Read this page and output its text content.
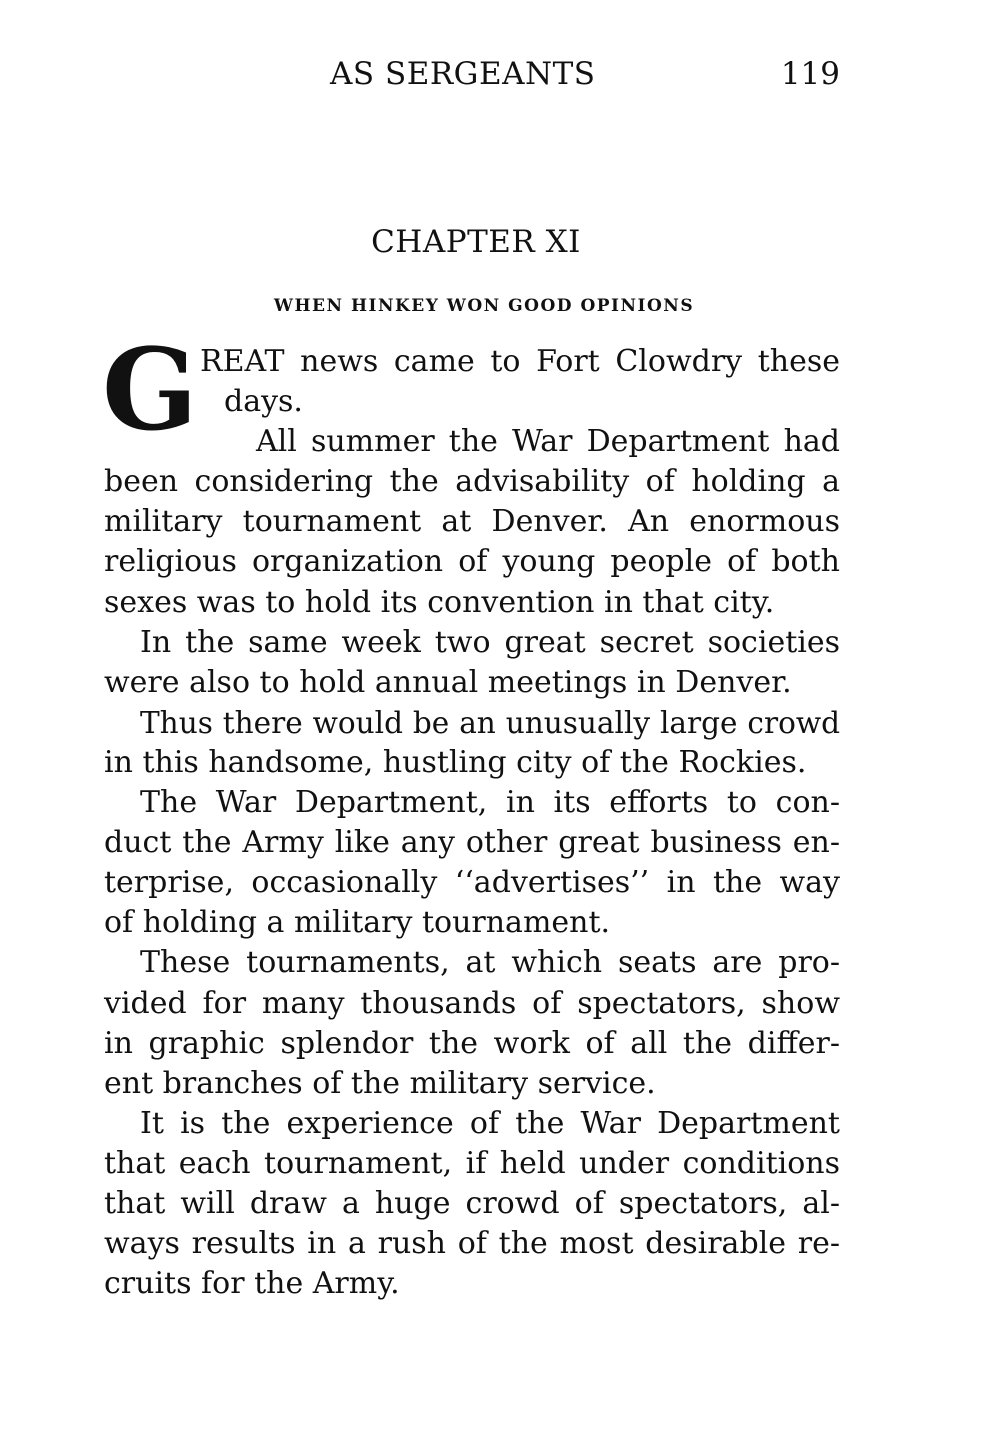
AS SERGEANTS	119
CHAPTER XI
WHEN HINKEY WON GOOD OPINIONS
G REAT news came to Fort Clowdry these
days.
All summer the War Department had
been considering the advisability of holding a
military tournament at Denver. An enormous
religious organization of young people of both
sexes was to hold its convention in that city.
In the same week two great secret societies
were also to hold annual meetings in Denver.
Thus there would be an unusually large crowd
in this handsome, hustling city of the Rockies.
The War Department, in its efforts to con-
duct the Army like any other great business en-
terprise, occasionally ‘‘advertises’’ in the way
of holding a military tournament.
These tournaments, at which seats are pro-
vided for many thousands of spectators, show
in graphic splendor the work of all the differ-
ent branches of the military service.
It is the experience of the War Department
that each tournament, if held under conditions
that will draw a huge crowd of spectators, al-
ways results in a rush of the most desirable re-
cruits for the Army.
